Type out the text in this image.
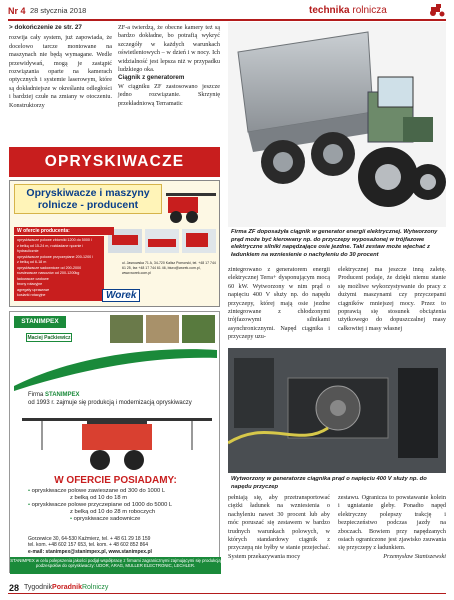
Nr 4 28 stycznia 2018	technika rolnicza
> dokończenie ze str. 27

rozwija cały system, już zapowiada, że docelowo tarcze montowane na maszynach nie będą wymagane. Wedle przewidywań, mogą je zastąpić rozwiązania oparte na kamerach optycznych i systemie laserowym, które są dokładniejsze w określaniu odległości i bardziej czułe na zmiany w otoczeniu. Konstruktorzy

ZF-a twierdzą, że obecne kamery też są bardzo dokładne, bo potrafią wykryć szczegóły w każdych warunkach oświetleniowych – w dzień i w nocy. Ich widzialność jest lepsza niż w przypadku ludzkiego oka.

Ciągnik z generatorem

W ciągniku ZF zastosowano jeszcze jedno rozwiązanie. Skrzynię przekładniową Terramatic

Firma ZF doposażyła ciągnik w generator energii elektrycznej. Wytworzony prąd może być kierowany np. do przyczepy wyposażonej w trójfazowe elektryczne silniki napędzające osie jezdne. Taki zestaw może wjechać z ładunkiem na wzniesienie o nachyleniu do 30 procent
OPRYSKIWACZE
Opryskiwacze i maszyny
rolnicze - producent
W ofercie producenta:
opryskiwacze polowe zbiorniki 1200 do 5000 l
z belką od 15-24 m, rozkładane ręcznie i hydraulicznie
opryskiwacze polowe przyczepiane 200-1200 l
z belką od 6-18 m
opryskiwacze sadownicze od 200-2000
rozsiewacze nawozów od 200-1200kg
ładowacze czołowe
brony rotacyjne
agregaty uprawowe
kosiarki rotacyjne
ul. Jasnowska 71 A, 34-720 Kalisz Pomorski, tel. +48 17 744 61 25, fax +48 17 744 61 46, biuro@worek.com.pl, www.worek.com.pl
Worek
STANIMPEX
Maciej Paćkiewicz
Firma STANIMPEX
od 1993 r. zajmuje się produkcją i modernizacją opryskiwaczy
W OFERCIE POSIADAMY:
• opryskiwacze polowe zawieszane od 300 do 1000 L
z belką od 10 do 18 m
• opryskiwacze polowe przyczepiane od 1000 do 5000 L
z belką od 10 do 28 m roboczych
• opryskiwacze sadownicze
Gorzewice 30, 64-530 Kaźmierz, tel. + 48 61 29 18 159
tel. kom. +48 602 157 653, tel. kom. + 48 602 852 864
e-mail: stanimpex@stanimpex.pl, www.stanimpex.pl
STANIMPEX w celu polepszenia jakości podjął współpracę z firmami zagranicznymi zajmującymi się produkcją podzespołów do opryskiwaczy: UDOR, ARAG, MULLER ELECTRONIC, LECHLER.

zintegrowano z generatorem energii elektrycznej Terra+ dysponującym mocą 60 kW. Wytworzony w nim prąd o napięciu 400 V służy np. do napędu przyczepy, której mają osie jezdne zintegrowane z chłodzonymi trójfazowymi silnikami asynchronicznymi. Napęd ciągnika i przyczepy uzu-

elektrycznej ma jeszcze inną zaletę. Producent podaje, że dzięki niemu stanie się możliwe wykorzystywanie do pracy z dużymi maszynami czy przyczepami ciągników mniejszej mocy. Przez to poprawią się stosunek obciążenia użytkowego do dopuszczalnej masy całkowitej i masy własnej

Wytworzony w generatorze ciągnika prąd o napięciu 400 V służy np. do napędu przyczep

pełniają się, aby przetransportować ciężki ładunek na wzniesienia o nachyleniu nawet 30 procent lub aby móc poruszać się zestawem w bardzo trudnych warunkach polowych, w których standardowy ciągnik z przyczepą nie byłby w stanie przejechać. System przekazywania mocy

zestawu. Ogranicza to powstawanie kolein i ugniatanie gleby. Ponadto napęd elektryczny polepszy trakcję i bezpieczeństwo podczas jazdy na zboczach. Bowiem przy napędzanych osiach ograniczone jest zjawisko zsuwania się przyczepy z ładunkiem.

Przemysław Staniszewski

28 TygodnikPoradnikRolniczy
